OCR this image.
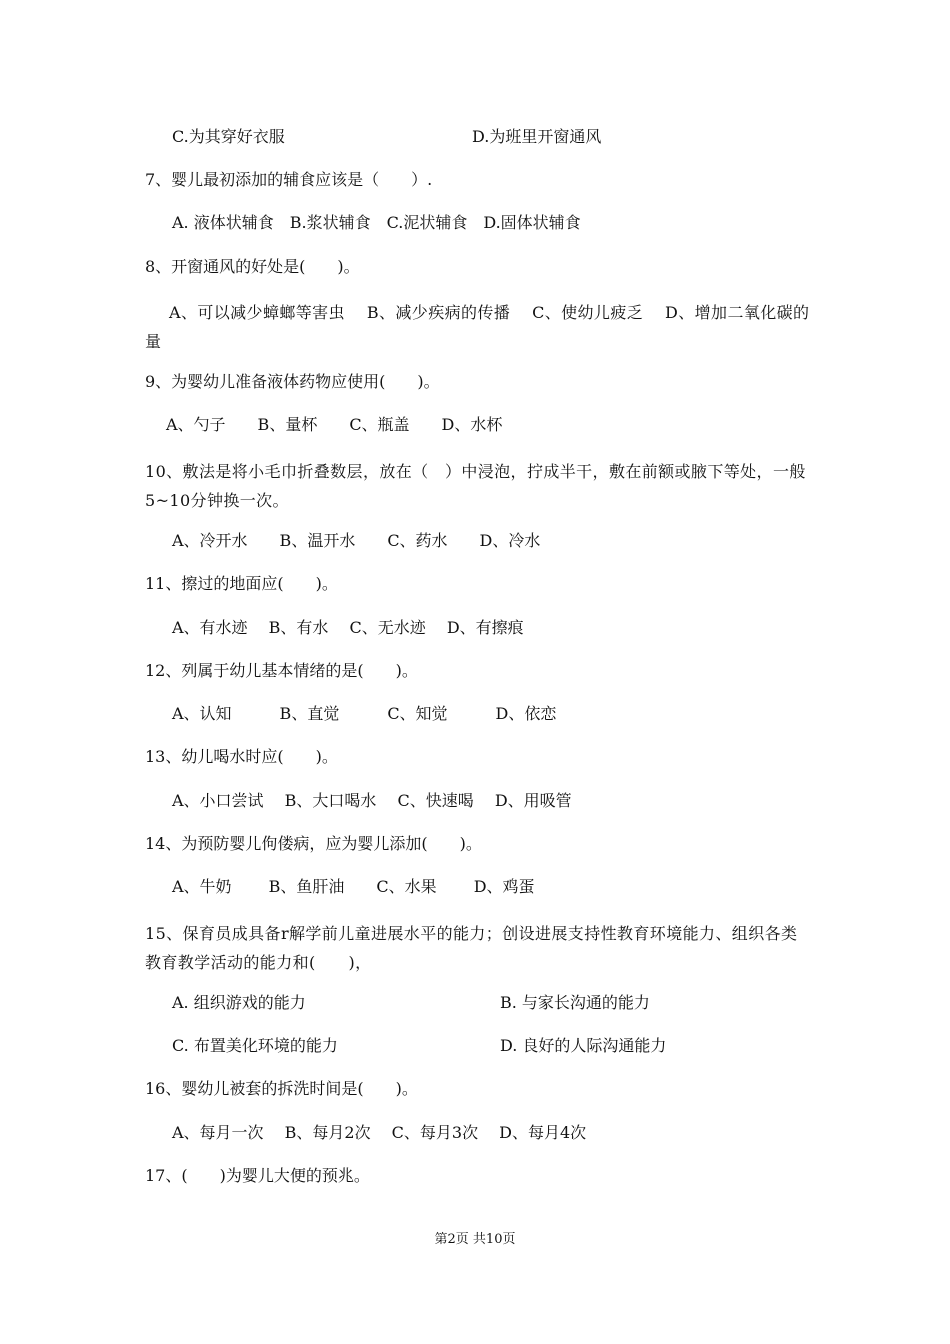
C.为其穿好衣服	D.为班里开窗通风
7、婴儿最初添加的辅食应该是（　　）.
A. 液体状辅食　B.浆状辅食　C.泥状辅食　D.固体状辅食
8、开窗通风的好处是(　　)。
A、可以减少蟑螂等害虫　 B、减少疾病的传播　 C、使幼儿疲乏　 D、增加二氧化碳的量
9、为婴幼儿准备液体药物应使用(　　)。
A、勺子　　B、量杯　　C、瓶盖　　D、水杯
10、敷法是将小毛巾折叠数层，放在（　）中浸泡，拧成半干，敷在前额或腋下等处，一般5~10分钟换一次。
A、冷开水　　B、温开水　　C、药水　　D、冷水
11、擦过的地面应(　　)。
A、有水迹　 B、有水　 C、无水迹　 D、有擦痕
12、列属于幼儿基本情绪的是(　　)。
A、认知　　　B、直觉　　　C、知觉　　　D、依恋
13、幼儿喝水时应(　　)。
A、小口尝试　 B、大口喝水　 C、快速喝　 D、用吸管
14、为预防婴儿佝偻病，应为婴儿添加(　　)。
A、牛奶　　 B、鱼肝油　　C、水果　　 D、鸡蛋
15、保育员成具备r解学前儿童进展水平的能力；创设进展支持性教育环境能力、组织各类教育教学活动的能力和(　　)，
A. 组织游戏的能力	B. 与家长沟通的能力
C. 布置美化环境的能力	D. 良好的人际沟通能力
16、婴幼儿被套的拆洗时间是(　　)。
A、每月一次　 B、每月2次　 C、每月3次　 D、每月4次
17、(　　)为婴儿大便的预兆。
第2页 共10页
